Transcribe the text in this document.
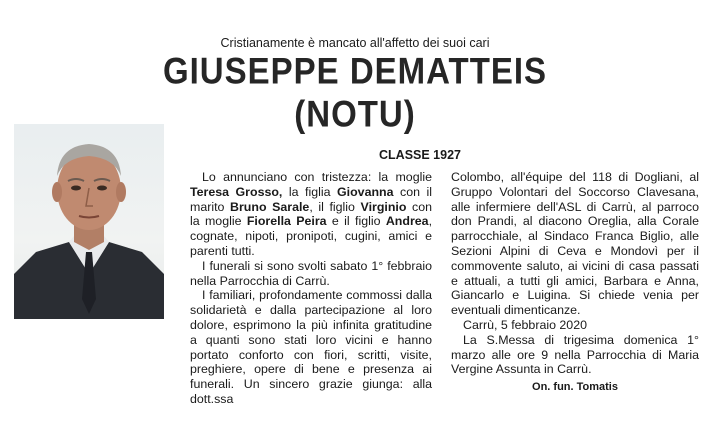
Cristianamente è mancato all'affetto dei suoi cari
GIUSEPPE DEMATTEIS
(NOTU)
CLASSE 1927

Lo annunciano con tristezza: la moglie Teresa Grosso, la figlia Giovanna con il marito Bruno Sarale, il figlio Virginio con la moglie Fiorella Peira e il figlio Andrea, cognate, nipoti, pronipoti, cugini, amici e parenti tutti.

I funerali si sono svolti sabato 1° febbraio nella Parrocchia di Carrù.

I familiari, profondamente commossi dalla solidarietà e dalla partecipazione al loro dolore, esprimono la più infinita gratitudine a quanti sono stati loro vicini e hanno portato conforto con fiori, scritti, visite, preghiere, opere di bene e presenza ai funerali. Un sincero grazie giunga: alla dott.ssa

Colombo, all'équipe del 118 di Dogliani, al Gruppo Volontari del Soccorso Clavesana, alle infermiere dell'ASL di Carrù, al parroco don Prandi, al diacono Oreglia, alla Corale parrocchiale, al Sindaco Franca Biglio, alle Sezioni Alpini di Ceva e Mondovì per il commovente saluto, ai vicini di casa passati e attuali, a tutti gli amici, Barbara e Anna, Giancarlo e Luigina. Si chiede venia per eventuali dimenticanze.

Carrù, 5 febbraio 2020

La S.Messa di trigesima domenica 1° marzo alle ore 9 nella Parrocchia di Maria Vergine Assunta in Carrù.

On. fun. Tomatis
